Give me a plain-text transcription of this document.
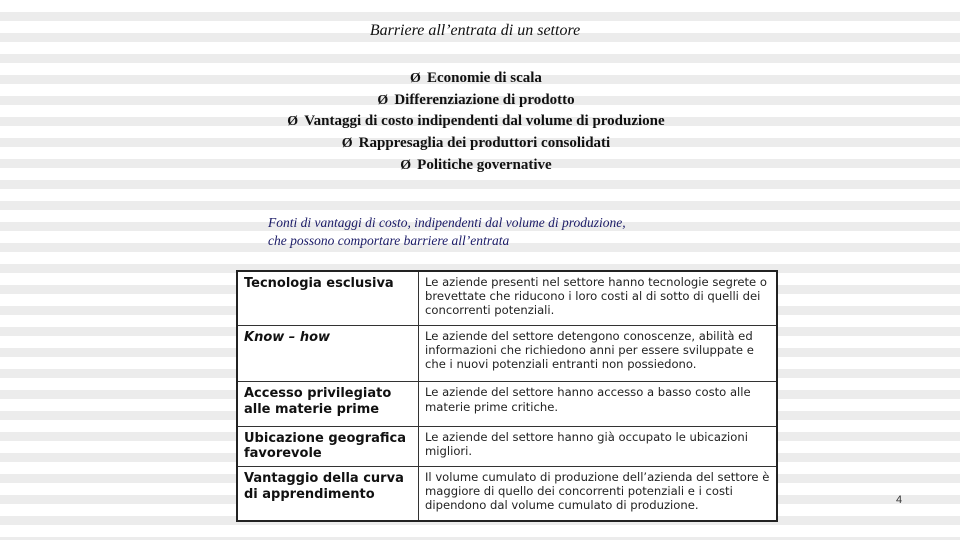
Barriere all’entrata di un settore
Ø Economie di scala
Ø Differenziazione di prodotto
Ø Vantaggi di costo indipendenti dal volume di produzione
Ø Rappresaglia dei produttori consolidati
Ø Politiche governative
Fonti di vantaggi di costo, indipendenti dal volume di produzione,
che possono comportare barriere all’entrata
Tecnologia esclusiva	Le aziende presenti nel settore hanno tecnologie segrete o brevettate che riducono i loro costi al di sotto di quelli dei concorrenti potenziali.
Know – how	Le aziende del settore detengono conoscenze, abilità ed informazioni che richiedono anni per essere sviluppate e che i nuovi potenziali entranti non possiedono.
Accesso privilegiato alle materie prime	Le aziende del settore hanno accesso a basso costo alle materie prime critiche.
Ubicazione geografica favorevole	Le aziende del settore hanno già occupato le ubicazioni migliori.
Vantaggio della curva di apprendimento	Il volume cumulato di produzione dell’azienda del settore è maggiore di quello dei concorrenti potenziali e i costi dipendono dal volume cumulato di produzione.	4
